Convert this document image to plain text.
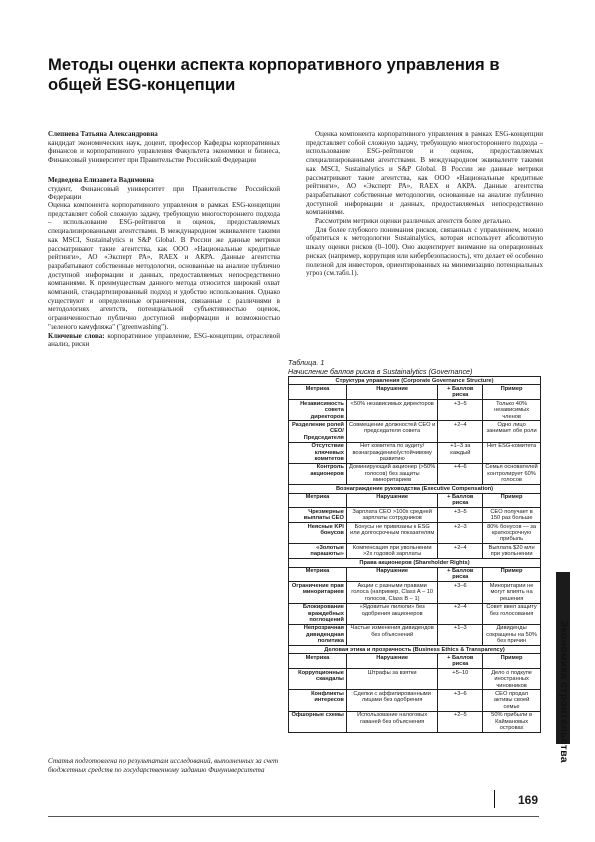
Методы оценки аспекта корпоративного управления в общей ESG-концепции

Слепнева Татьяна Александровна

кандидат экономических наук, доцент, профессор Кафедры корпоративных финансов и корпоративного управления Факультета экономики и бизнеса, Финансовый университет при Правительстве Российской Федерации

Медведева Елизавета Вадимовна

студент, Финансовый университет при Правительстве Российской Федерации

Оценка компонента корпоративного управления в рамках ESG-концепции представляет собой сложную задачу, требующую многостороннего подхода – использование ESG-рейтингов и оценок, предоставляемых специализированными агентствами. В международном эквиваленте такими как MSCI, Sustainalytics и S&P Global. В России же данные метрики рассматривают такие агентства, как ООО «Национальные кредитные рейтинги», АО «Эксперт РА», RAEX и АКРА. Данные агентства разрабатывают собственные методологии, основанные на анализе публично доступной информации и данных, предоставляемых непосредственно компаниями. К преимуществам данного метода относится широкий охват компаний, стандартизированный подход и удобство использования. Однако существуют и определенные ограничения, связанные с различиями в методологиях агентств, потенциальной субъективностью оценок, ограниченностью публично доступной информации и возможностью "зеленого камуфляжа" ("greenwashing").

Ключевые слова: корпоративное управление, ESG-концепции, отраслевой анализ, риски

Оценка компонента корпоративного управления в рамках ESG-концепции представляет собой сложную задачу, требующую многостороннего подхода – использование ESG-рейтингов и оценок, предоставляемых специализированными агентствами. В международном эквиваленте такими как MSCI, Sustainalytics и S&P Global. В России же данные метрики рассматривают такие агентства, как ООО «Национальные кредитные рейтинги», АО «Эксперт РА», RAEX и АКРА. Данные агентства разрабатывают собственные методологии, основанные на анализе публично доступной информации и данных, предоставляемых непосредственно компаниями.

Рассмотрим метрики оценки различных агентств более детально.

Для более глубокого понимания рисков, связанных с управлением, можно обратиться к методологии Sustainalytics, которая использует абсолютную шкалу оценки рисков (0–100). Оно акцентирует внимание на операционных рисках (например, коррупция или кибербезопасность), что делает её особенно полезной для инвесторов, ориентированных на минимизацию потенциальных угроз (см.табл.1).

Таблица. 1
Начисление баллов риска в Sustainalytics (Governance)
Структура управления (Corporate Governance Structure)			
Метрика	Нарушение	+ Баллов риска	Пример
Независимость совета директоров	<50% независимых директоров	+3–5	Только 40% независимых членов
Разделение ролей CEO/Председателя	Совмещение должностей CEO и председателя совета	+2–4	Одно лицо занимает обе роли
Отсутствие ключевых комитетов	Нет комитета по аудиту/вознаграждению/устойчивому развитию	+1–3 за каждый	Нет ESG-комитета
Контроль акционеров	Доминирующий акционер (>50% голосов) без защиты миноритариев	+4–6	Семья основателей контролирует 60% голосов
Вознаграждение руководства (Executive Compensation)			
Метрика	Нарушение	+ Баллов риска	Пример
Чрезмерные выплаты CEO	Зарплата CEO >100x средней зарплаты сотрудников	+3–5	CEO получает в 150 раз больше
Неясные KPI бонусов	Бонусы не привязаны к ESG или долгосрочным показателям	+2–3	80% бонусов — за краткосрочную прибыль
«Золотые парашюты»	Компенсация при увольнении >2x годовой зарплаты	+2–4	Выплата $20 млн при увольнении
Права акционеров (Shareholder Rights)			
Метрика	Нарушение	+ Баллов риска	Пример
Ограничение прав миноритариев	Акции с разными правами голоса (например, Class A – 10 голосов, Class B – 1)	+3–6	Миноритарии не могут влиять на решения
Блокирование враждебных поглощений	«Ядовитые пилюли» без одобрения акционеров	+2–4	Совет ввел защиту без голосования
Непрозрачная дивидендная политика	Частые изменения дивидендов без объяснений	+1–3	Дивиденды сокращены на 50% без причин
Деловая этика и прозрачность (Business Ethics & Transparency)			
Метрика	Нарушение	+ Баллов риска	Пример
Коррупционные скандалы	Штрафы за взятки	+5–10	Дело о подкупе иностранных чиновников
Конфликты интересов	Сделки с аффилированными лицами без одобрения	+3–6	CEO продал активы своей семье
Офшорные схемы	Использование налоговых гаваней без объяснения	+2–5	50% прибыли в Каймановых островах
Статья подготовлена по результатам исследований, выполненных за счет бюджетных средств по государственному заданию Финуниверситета
Экономика строительства
169
